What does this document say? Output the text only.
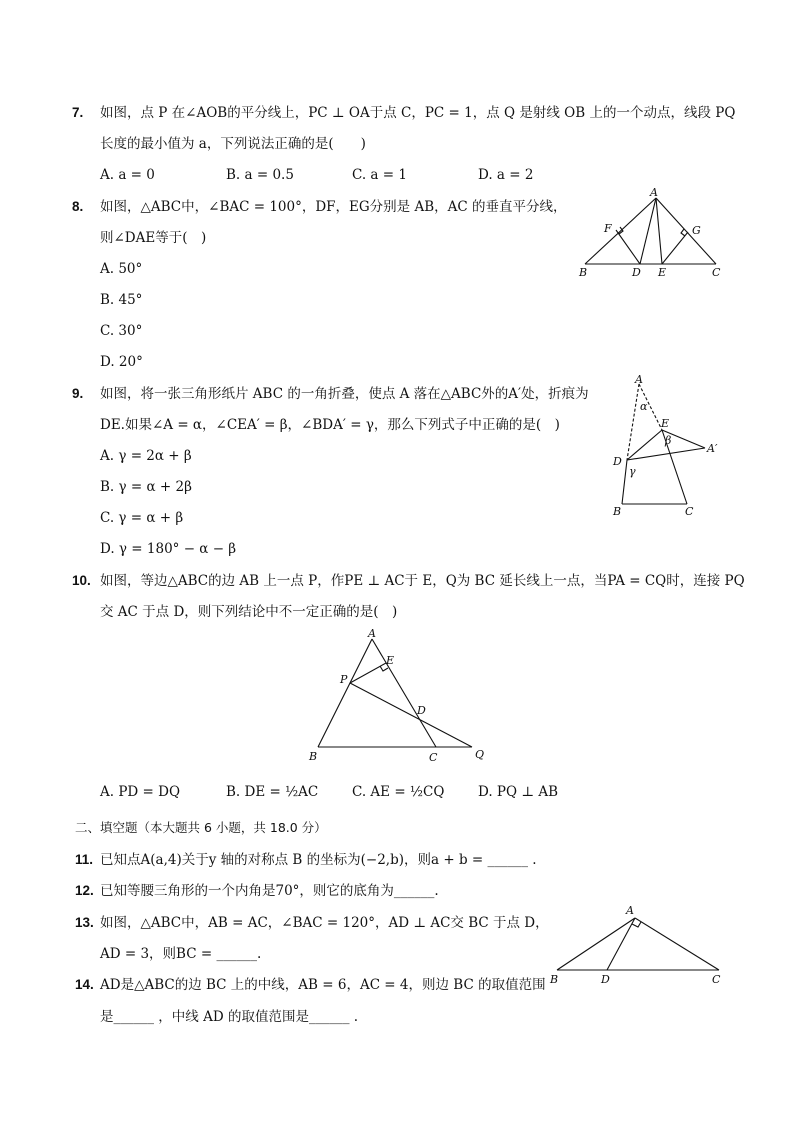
7. 如图，点 P 在∠AOB的平分线上，PC ⊥ OA于点 C，PC = 1，点 Q 是射线 OB 上的一个动点，线段 PQ
长度的最小值为 a，下列说法正确的是(　　)
A. a = 0	B. a = 0.5	C. a = 1	D. a = 2
8. 如图，△ABC中，∠BAC = 100°，DF，EG分别是 AB，AC 的垂直平分线，
则∠DAE等于(　)
A. 50°
B. 45°
C. 30°
D. 20°
A
F	G
B	D E	C
9. 如图，将一张三角形纸片 ABC 的一角折叠，使点 A 落在△ABC外的A′处，折痕为
DE.如果∠A = α，∠CEA′ = β，∠BDA′ = γ，那么下列式子中正确的是(　)
A. γ = 2α + β
B. γ = α + 2β
C. γ = α + β
D. γ = 180° − α − β
A
α
E
β
A′
D
γ
B	C
10. 如图，等边△ABC的边 AB 上一点 P，作PE ⊥ AC于 E，Q为 BC 延长线上一点，当PA = CQ时，连接 PQ
交 AC 于点 D，则下列结论中不一定正确的是(　)
A
E
P
D
B	C	Q
A. PD = DQ	B. DE = ½AC	C. AE = ½CQ D. PQ ⊥ AB
二、填空题（本大题共 6 小题，共 18.0 分）
11. 已知点A(a,4)关于y 轴的对称点 B 的坐标为(−2,b)，则a + b = ______ .
12. 已知等腰三角形的一个内角是70°，则它的底角为______.
13. 如图，△ABC中，AB = AC，∠BAC = 120°，AD ⊥ AC交 BC 于点 D，
AD = 3，则BC = ______.
A
B	D	C
14. AD是△ABC的边 BC 上的中线，AB = 6，AC = 4，则边 BC 的取值范围
是______ ，中线 AD 的取值范围是______ .
